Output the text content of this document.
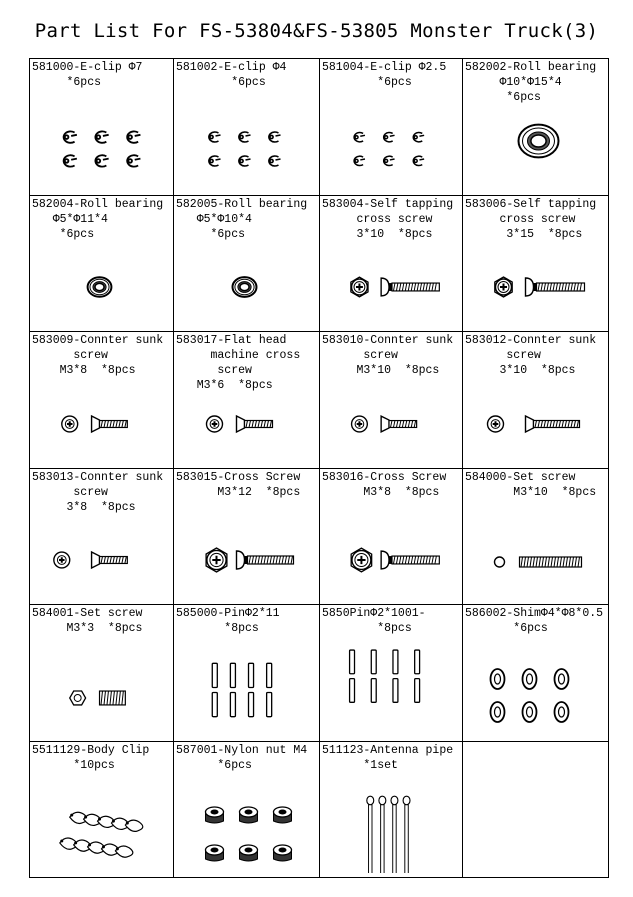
Part List For FS-53804&FS-53805 Monster Truck(3)
581000-E-clip Φ7
*6pcs	581002-E-clip Φ4
*6pcs	581004-E-clip Φ2.5
*6pcs	582002-Roll bearing
Φ10*Φ15*4
*6pcs

582004-Roll bearing
Φ5*Φ11*4
*6pcs	582005-Roll bearing
Φ5*Φ10*4
*6pcs	583004-Self tapping
cross screw
3*10  *8pcs	583006-Self tapping
cross screw
3*15  *8pcs

583009-Connter sunk
screw
M3*8  *8pcs	583017-Flat head
machine cross
screw
M3*6  *8pcs	583010-Connter sunk
screw
M3*10  *8pcs	583012-Connter sunk
screw
3*10  *8pcs

583013-Connter sunk
screw
3*8  *8pcs	583015-Cross Screw
M3*12  *8pcs	583016-Cross Screw
M3*8  *8pcs	584000-Set screw
M3*10  *8pcs

584001-Set screw
M3*3  *8pcs	585000-PinΦ2*11
*8pcs	5850PinΦ2*1001-
*8pcs	586002-ShimΦ4*Φ8*0.5
*6pcs

5511129-Body Clip
*10pcs	587001-Nylon nut M4
*6pcs	511123-Antenna pipe
*1set	
